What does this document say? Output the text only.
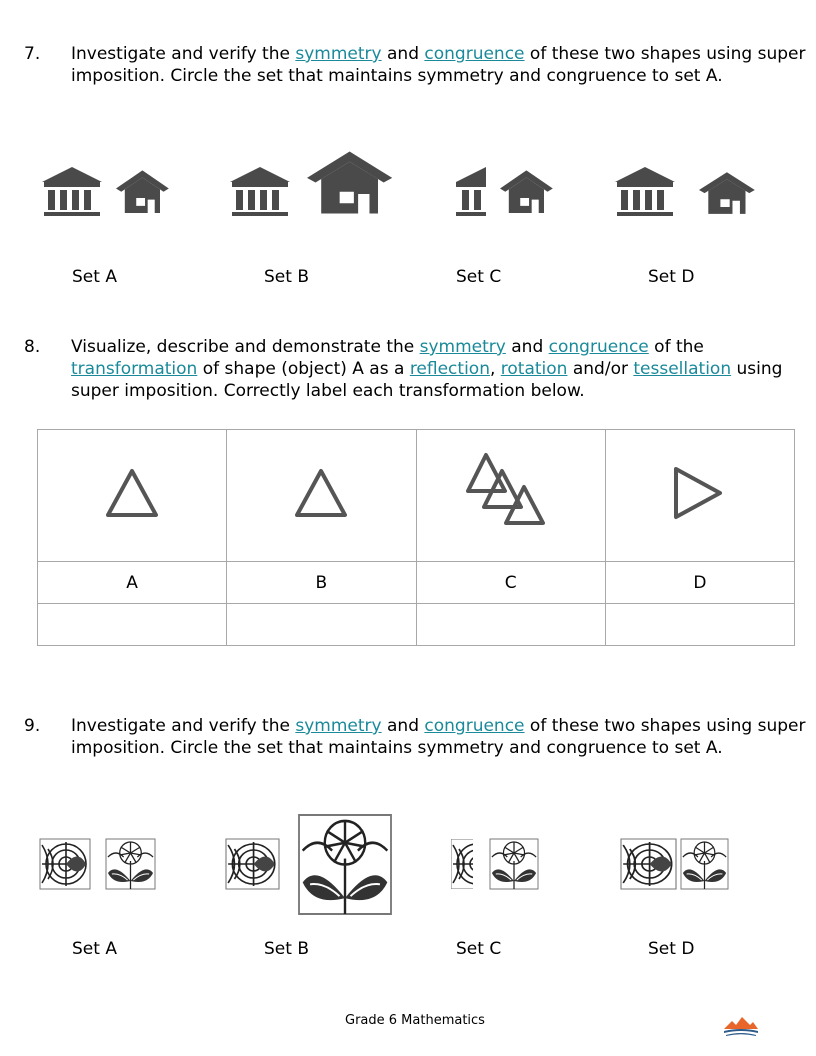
7. Investigate and verify the symmetry and congruence of these two shapes using super imposition. Circle the set that maintains symmetry and congruence to set A.
Set A	Set B	Set C	Set D
8. Visualize, describe and demonstrate the symmetry and congruence of the transformation of shape (object) A as a reflection, rotation and/or tessellation using super imposition. Correctly label each transformation below.

A	B	C	D

9. Investigate and verify the symmetry and congruence of these two shapes using super imposition. Circle the set that maintains symmetry and congruence to set A.
Set A	Set B	Set C	Set D
Grade 6 Mathematics
